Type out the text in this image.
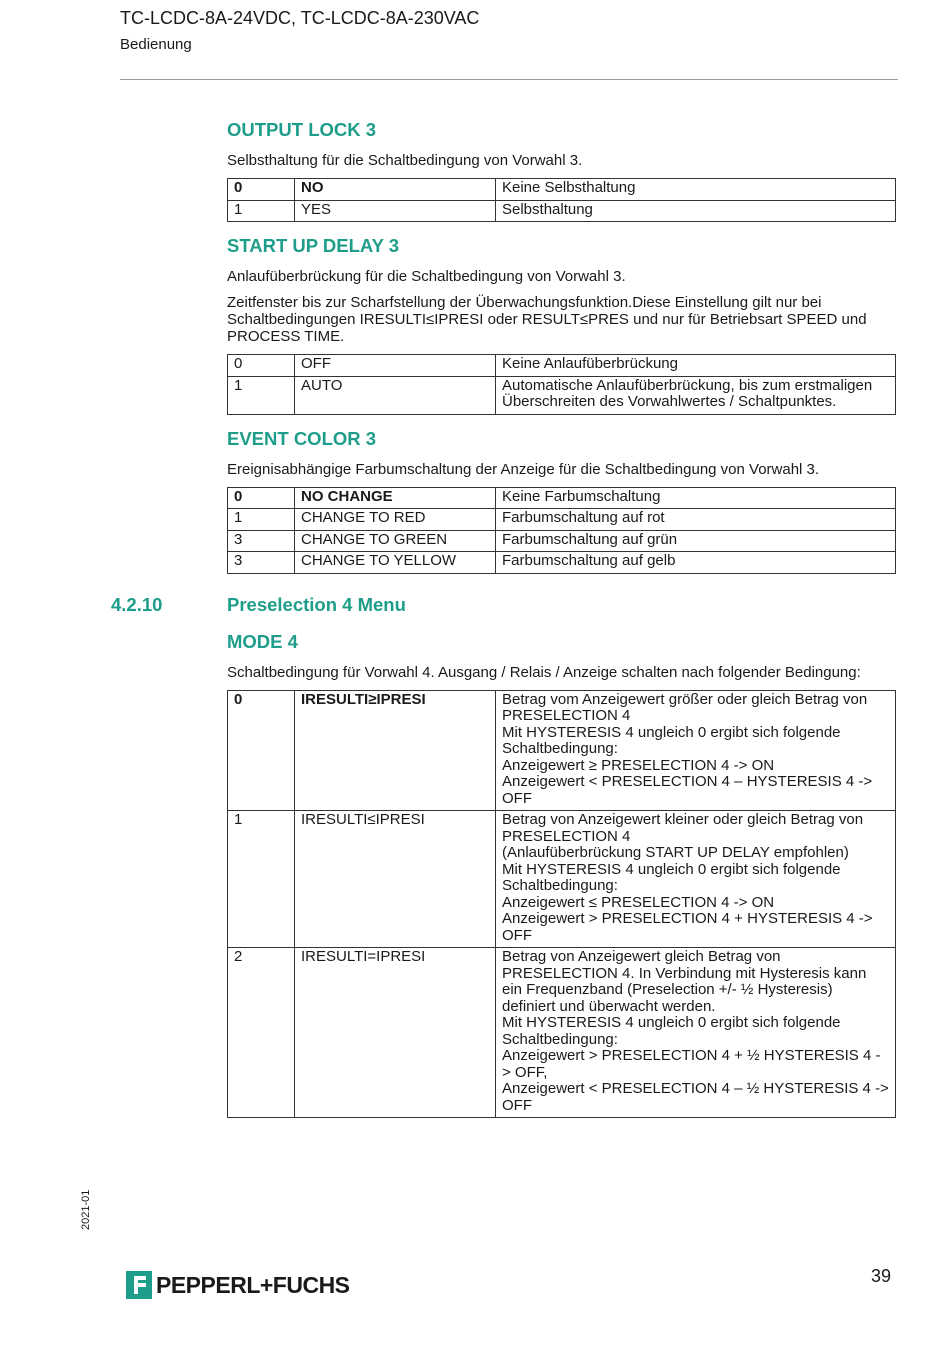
TC-LCDC-8A-24VDC, TC-LCDC-8A-230VAC
Bedienung
OUTPUT LOCK 3
Selbsthaltung für die Schaltbedingung von Vorwahl 3.
0	NO	Keine Selbsthaltung
1	YES	Selbsthaltung
START UP DELAY 3
Anlaufüberbrückung für die Schaltbedingung von Vorwahl 3.
Zeitfenster bis zur Scharfstellung der Überwachungsfunktion.Diese Einstellung gilt nur bei Schaltbedingungen IRESULTI≤IPRESI oder RESULT≤PRES und nur für Betriebsart SPEED und PROCESS TIME.
0	OFF	Keine Anlaufüberbrückung
1	AUTO	Automatische Anlaufüberbrückung, bis zum erstmaligen Überschreiten des Vorwahlwertes / Schaltpunktes.
EVENT COLOR 3
Ereignisabhängige Farbumschaltung der Anzeige für die Schaltbedingung von Vorwahl 3.
0	NO CHANGE	Keine Farbumschaltung
1	CHANGE TO RED	Farbumschaltung auf rot
3	CHANGE TO GREEN	Farbumschaltung auf grün
3	CHANGE TO YELLOW	Farbumschaltung auf gelb
4.2.10	Preselection 4 Menu
MODE 4
Schaltbedingung für Vorwahl 4. Ausgang / Relais / Anzeige schalten nach folgender Bedingung:
0	IRESULTI≥IPRESI	Betrag vom Anzeigewert größer oder gleich Betrag von PRESELECTION 4
Mit HYSTERESIS 4 ungleich 0 ergibt sich folgende Schaltbedingung:
Anzeigewert ≥ PRESELECTION 4 -> ON
Anzeigewert < PRESELECTION 4 – HYSTERESIS 4 -> OFF

1	IRESULTI≤IPRESI	Betrag von Anzeigewert kleiner oder gleich Betrag von PRESELECTION 4
(Anlaufüberbrückung START UP DELAY empfohlen)
Mit HYSTERESIS 4 ungleich 0 ergibt sich folgende Schaltbedingung:
Anzeigewert ≤ PRESELECTION 4 -> ON
Anzeigewert > PRESELECTION 4 + HYSTERESIS 4 -> OFF

2	IRESULTI=IPRESI	Betrag von Anzeigewert gleich Betrag von PRESELECTION 4. In Verbindung mit Hysteresis kann ein Frequenzband (Preselection +/- ½ Hysteresis) definiert und überwacht werden.
Mit HYSTERESIS 4 ungleich 0 ergibt sich folgende Schaltbedingung:
Anzeigewert > PRESELECTION 4 + ½ HYSTERESIS 4 -> OFF,
Anzeigewert < PRESELECTION 4 – ½ HYSTERESIS 4 -> OFF
2021-01
39
PEPPERL+FUCHS
